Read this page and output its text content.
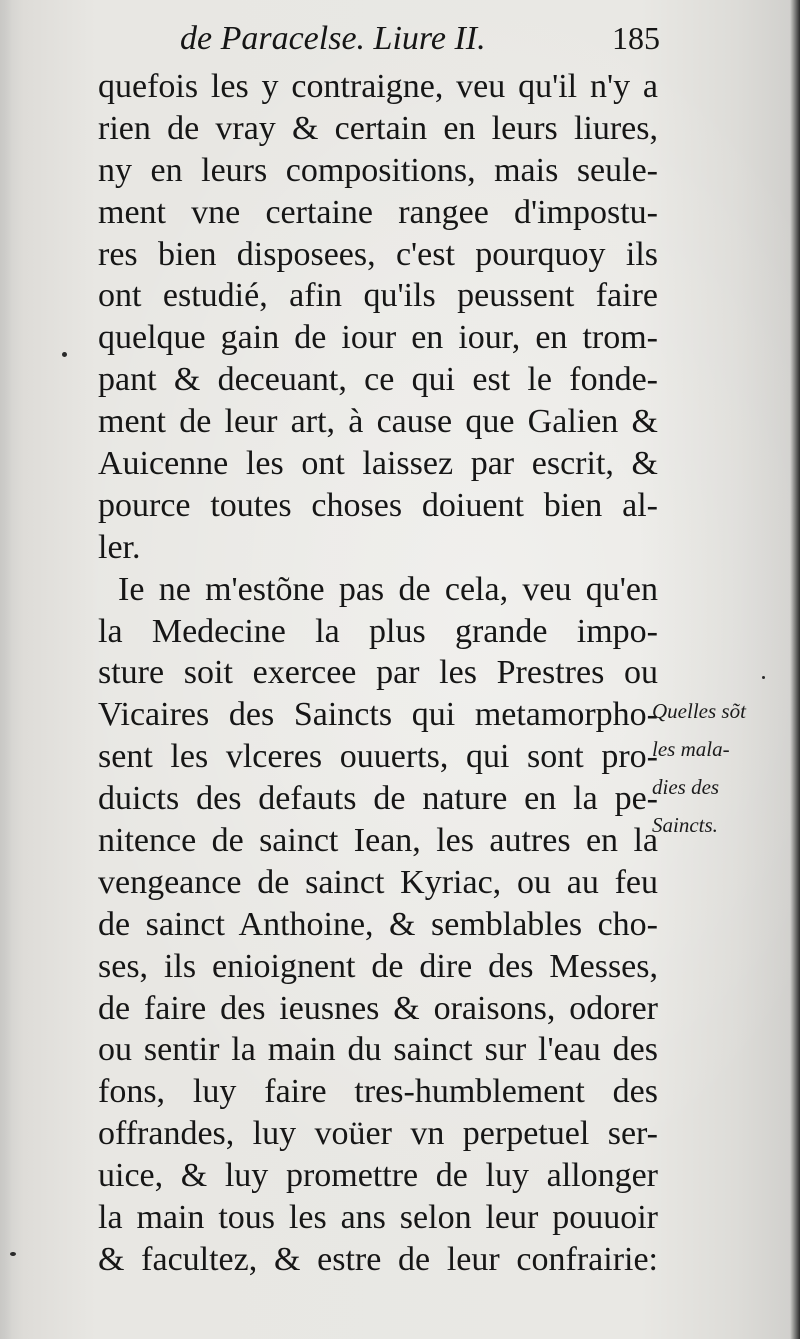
de Paracelse. Liure II.	185
quefois les y contraigne, veu qu'il n'y a
rien de vray & certain en leurs liures,
ny en leurs compositions, mais seule-
ment vne certaine rangee d'impostu-
res bien disposees, c'est pourquoy ils
ont estudié, afin qu'ils peussent faire
quelque gain de iour en iour, en trom-
pant & deceuant, ce qui est le fonde-
ment de leur art, à cause que Galien &
Auicenne les ont laissez par escrit, &
pource toutes choses doiuent bien al-
ler.
Ie ne m'estõne pas de cela, veu qu'en
la Medecine la plus grande impo-
sture soit exercee par les Prestres ou
Vicaires des Saincts qui metamorpho-
sent les vlceres ouuerts, qui sont pro-
duicts des defauts de nature en la pe-
nitence de sainct Iean, les autres en la
vengeance de sainct Kyriac, ou au feu
de sainct Anthoine, & semblables cho-
ses, ils enioignent de dire des Messes,
de faire des ieusnes & oraisons, odorer
ou sentir la main du sainct sur l'eau des
fons, luy faire tres-humblement des
offrandes, luy voüer vn perpetuel ser-
uice, & luy promettre de luy allonger
la main tous les ans selon leur pouuoir
& facultez, & estre de leur confrairie:
Quelles sõt
les mala-
dies des
Saincts.
